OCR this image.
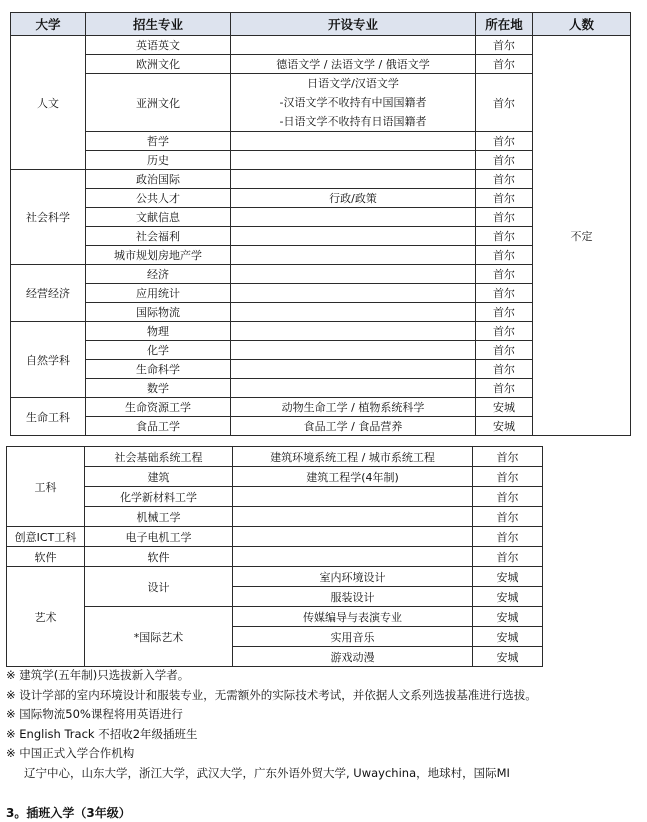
大学	招生专业	开设专业	所在地	人数
人文	英语英文		首尔	不定
	欧洲文化	德语文学 / 法语文学 / 俄语文学	首尔	
	亚洲文化	日语文学/汉语文学
-汉语文学不收持有中国国籍者
-日语文学不收持有日语国籍者	首尔	
	哲学		首尔	
	历史		首尔	
社会科学	政治国际		首尔	
	公共人才	行政/政策	首尔	
	文献信息		首尔	
	社会福利		首尔	
	城市规划房地产学		首尔	
经营经济	经济		首尔	
	应用统计		首尔	
	国际物流		首尔	
自然学科	物理		首尔	
	化学		首尔	
	生命科学		首尔	
	数学		首尔	
生命工科	生命资源工学	动物生命工学 / 植物系统科学	安城	
	食品工学	食品工学 / 食品营养	安城	
工科	社会基础系统工程	建筑环境系统工程 / 城市系统工程	首尔
	建筑	建筑工程学(4年制)	首尔
	化学新材料工学		首尔
	机械工学		首尔
创意ICT工科	电子电机工学		首尔
软件	软件		首尔
艺术	设计	室内环境设计	安城
		服装设计	安城
	*国际艺术	传媒编导与表演专业	安城
		实用音乐	安城
		游戏动漫	安城
※ 建筑学(五年制)只选拔新入学者。
※ 设计学部的室内环境设计和服装专业，无需额外的实际技术考试，并依据人文系列选拔基准进行选拔。
※ 国际物流50%课程将用英语进行
※ English Track 不招收2年级插班生
※ 中国正式入学合作机构
辽宁中心，山东大学，浙江大学，武汉大学，广东外语外贸大学, Uwaychina，地球村，国际MI
3。插班入学（3年级）
